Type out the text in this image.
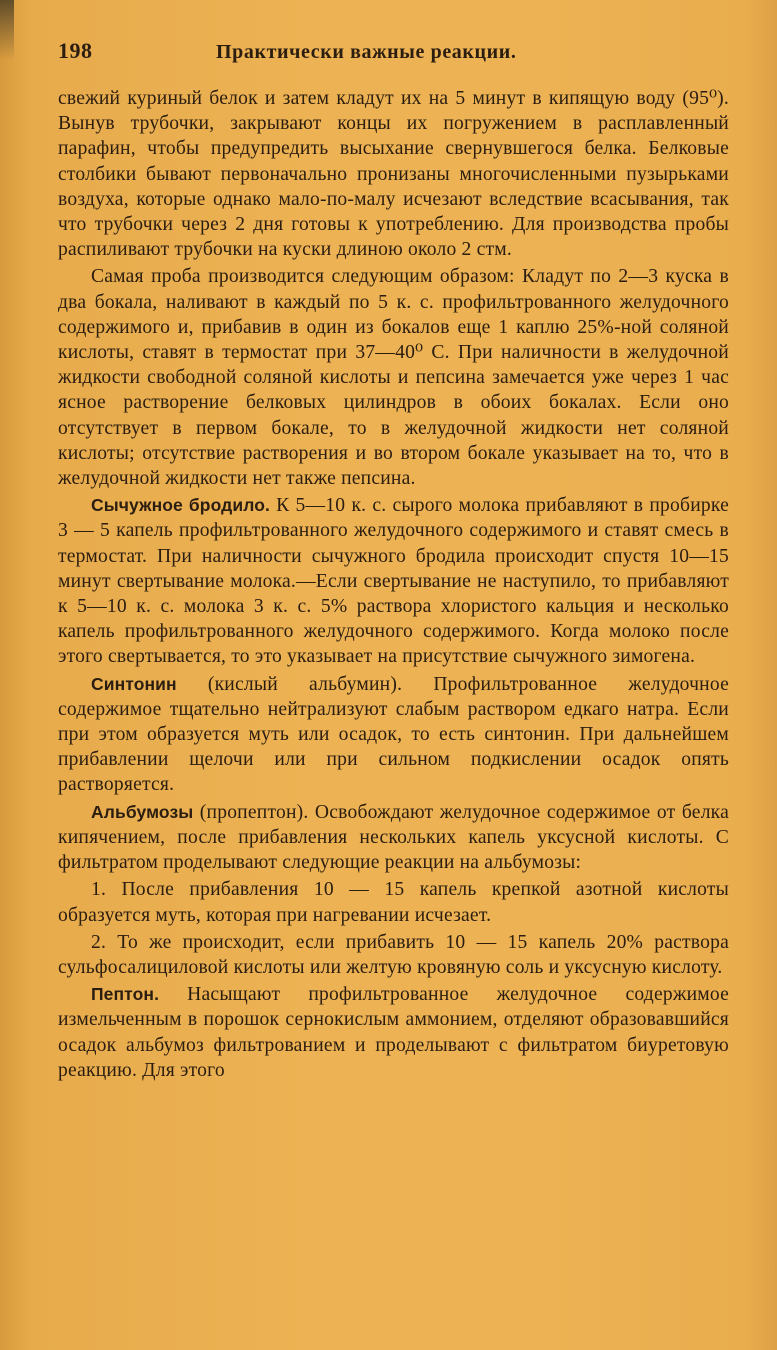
198	Практически важные реакции.

свежий куриный белок и затем кладут их на 5 минут в кипящую воду (95⁰). Вынув трубочки, закрывают концы их погружением в расплавленный парафин, чтобы предупредить высыхание свернувшегося белка. Белковые столбики бывают первоначально пронизаны многочисленными пузырьками воздуха, которые однако мало-по-малу исчезают вследствие всасывания, так что трубочки через 2 дня готовы к употреблению. Для производства пробы распиливают трубочки на куски длиною около 2 стм.

Самая проба производится следующим образом: Кладут по 2—3 куска в два бокала, наливают в каждый по 5 к. с. профильтрованного желудочного содержимого и, прибавив в один из бокалов еще 1 каплю 25%-ной соляной кислоты, ставят в термостат при 37—40⁰ С. При наличности в желудочной жидкости свободной соляной кислоты и пепсина замечается уже через 1 час ясное растворение белковых цилиндров в обоих бокалах. Если оно отсутствует в первом бокале, то в желудочной жидкости нет соляной кислоты; отсутствие растворения и во втором бокале указывает на то, что в желудочной жидкости нет также пепсина.

Сычужное бродило. К 5—10 к. с. сырого молока прибавляют в пробирке 3 — 5 капель профильтрованного желудочного содержимого и ставят смесь в термостат. При наличности сычужного бродила происходит спустя 10—15 минут свертывание молока.—Если свертывание не наступило, то прибавляют к 5—10 к. с. молока 3 к. с. 5% раствора хлористого кальция и несколько капель профильтрованного желудочного содержимого. Когда молоко после этого свертывается, то это указывает на присутствие сычужного зимогена.

Синтонин (кислый альбумин). Профильтрованное желудочное содержимое тщательно нейтрализуют слабым раствором едкаго натра. Если при этом образуется муть или осадок, то есть синтонин. При дальнейшем прибавлении щелочи или при сильном подкислении осадок опять растворяется.

Альбумозы (пропептон). Освобождают желудочное содержимое от белка кипячением, после прибавления нескольких капель уксусной кислоты. С фильтратом проделывают следующие реакции на альбумозы:

1. После прибавления 10 — 15 капель крепкой азотной кислоты образуется муть, которая при нагревании исчезает.

2. То же происходит, если прибавить 10 — 15 капель 20% раствора сульфосалициловой кислоты или желтую кровяную соль и уксусную кислоту.

Пептон. Насыщают профильтрованное желудочное содержимое измельченным в порошок сернокислым аммонием, отделяют образовавшийся осадок альбумоз фильтрованием и проделывают с фильтратом биуретовую реакцию. Для этого
